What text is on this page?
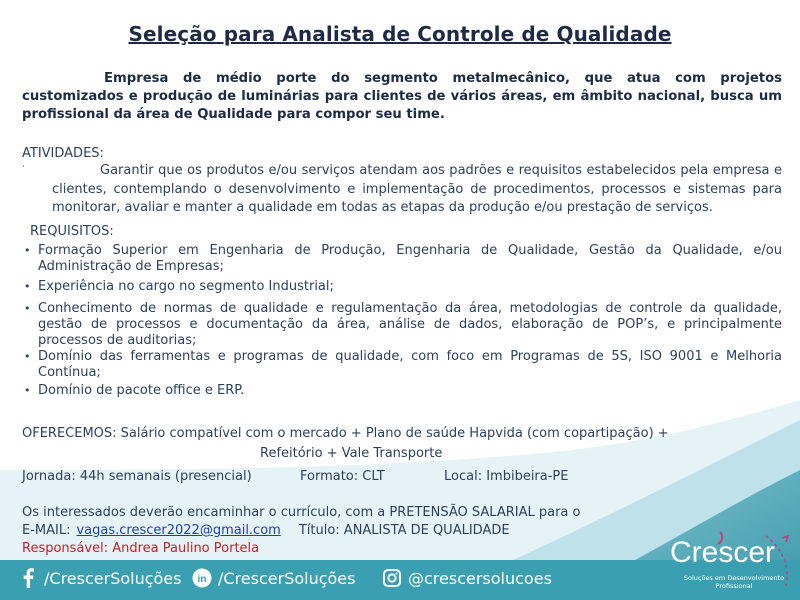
Seleção para Analista de Controle de Qualidade
Empresa de médio porte do segmento metalmecânico, que atua com projetos customizados e produção de luminárias para clientes de vários áreas, em âmbito nacional, busca um profissional da área de Qualidade para compor seu time.
ATIVIDADES:
·	Garantir que os produtos e/ou serviços atendam aos padrões e requisitos estabelecidos pela empresa e clientes, contemplando o desenvolvimento e implementação de procedimentos, processos e sistemas para monitorar, avaliar e manter a qualidade em todas as etapas da produção e/ou prestação de serviços.
REQUISITOS:
• Formação Superior em Engenharia de Produção, Engenharia de Qualidade, Gestão da Qualidade, e/ou Administração de Empresas;
• Experiência no cargo no segmento Industrial;
• Conhecimento de normas de qualidade e regulamentação da área, metodologias de controle da qualidade, gestão de processos e documentação da área, análise de dados, elaboração de POP’s, e principalmente processos de auditorias;
• Domínio das ferramentas e programas de qualidade, com foco em Programas de 5S, ISO 9001 e Melhoria Contínua;
• Domínio de pacote office e ERP.
OFERECEMOS: Salário compatível com o mercado + Plano de saúde Hapvida (com copartipação) +
Refeitório + Vale Transporte
Jornada: 44h semanais (presencial)	Formato: CLT	Local: Imbibeira-PE
Os interessados deverão encaminhar o currículo, com a PRETENSÃO SALARIAL para o
E-MAIL: vagas.crescer2022@gmail.com Título: ANALISTA DE QUALIDADE
Responsável: Andrea Paulino Portela
/CrescerSoluções in /CrescerSoluções	@crescersolucoes
Crescer
Soluções em Desenvolvimento Profissional
